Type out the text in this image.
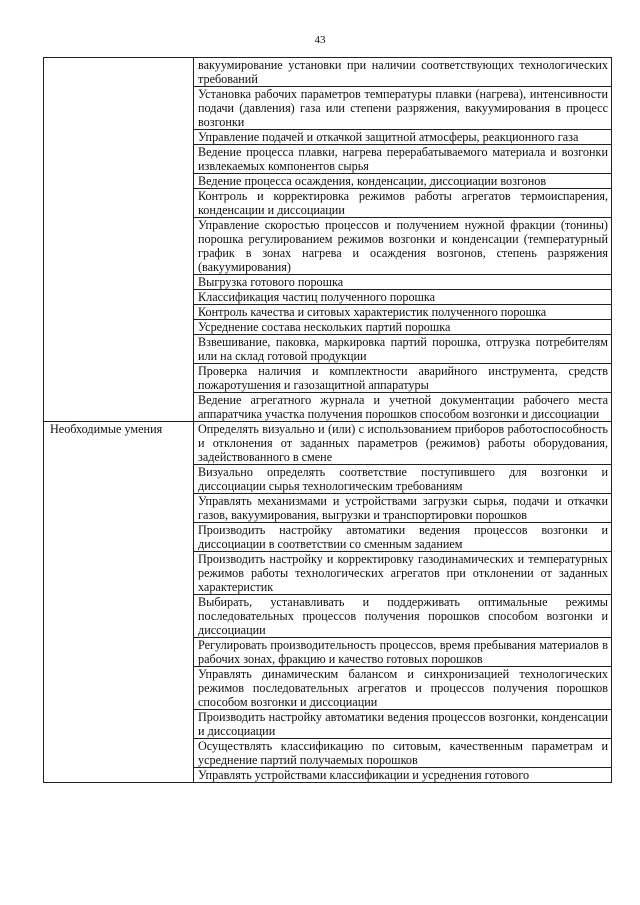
43
	вакуумирование установки при наличии соответствующих технологических требований
	Установка рабочих параметров температуры плавки (нагрева), интенсивности подачи (давления) газа или степени разряжения, вакуумирования в процесс возгонки
	Управление подачей и откачкой защитной атмосферы, реакционного газа
	Ведение процесса плавки, нагрева перерабатываемого материала и возгонки извлекаемых компонентов сырья
	Ведение процесса осаждения, конденсации, диссоциации возгонов
	Контроль и корректировка режимов работы агрегатов термоиспарения, конденсации и диссоциации
	Управление скоростью процессов и получением нужной фракции (тонины) порошка регулированием режимов возгонки и конденсации (температурный график в зонах нагрева и осаждения возгонов, степень разряжения (вакуумирования)
	Выгрузка готового порошка
	Классификация частиц полученного порошка
	Контроль качества и ситовых характеристик полученного порошка
	Усреднение состава нескольких партий порошка
	Взвешивание, паковка, маркировка партий порошка, отгрузка потребителям или на склад готовой продукции
	Проверка наличия и комплектности аварийного инструмента, средств пожаротушения и газозащитной аппаратуры
	Ведение агрегатного журнала и учетной документации рабочего места аппаратчика участка получения порошков способом возгонки и диссоциации
Необходимые умения	Определять визуально и (или) с использованием приборов работоспособность и отклонения от заданных параметров (режимов) работы оборудования, задействованного в смене
	Визуально определять соответствие поступившего для возгонки и диссоциации сырья технологическим требованиям
	Управлять механизмами и устройствами загрузки сырья, подачи и откачки газов, вакуумирования, выгрузки и транспортировки порошков
	Производить настройку автоматики ведения процессов возгонки и диссоциации в соответствии со сменным заданием
	Производить настройку и корректировку газодинамических и температурных режимов работы технологических агрегатов при отклонении от заданных характеристик
	Выбирать, устанавливать и поддерживать оптимальные режимы последовательных процессов получения порошков способом возгонки и диссоциации
	Регулировать производительность процессов, время пребывания материалов в рабочих зонах, фракцию и качество готовых порошков
	Управлять динамическим балансом и синхронизацией технологических режимов последовательных агрегатов и процессов получения порошков способом возгонки и диссоциации
	Производить настройку автоматики ведения процессов возгонки, конденсации и диссоциации
	Осуществлять классификацию по ситовым, качественным параметрам и усреднение партий получаемых порошков
	Управлять устройствами классификации и усреднения готового
